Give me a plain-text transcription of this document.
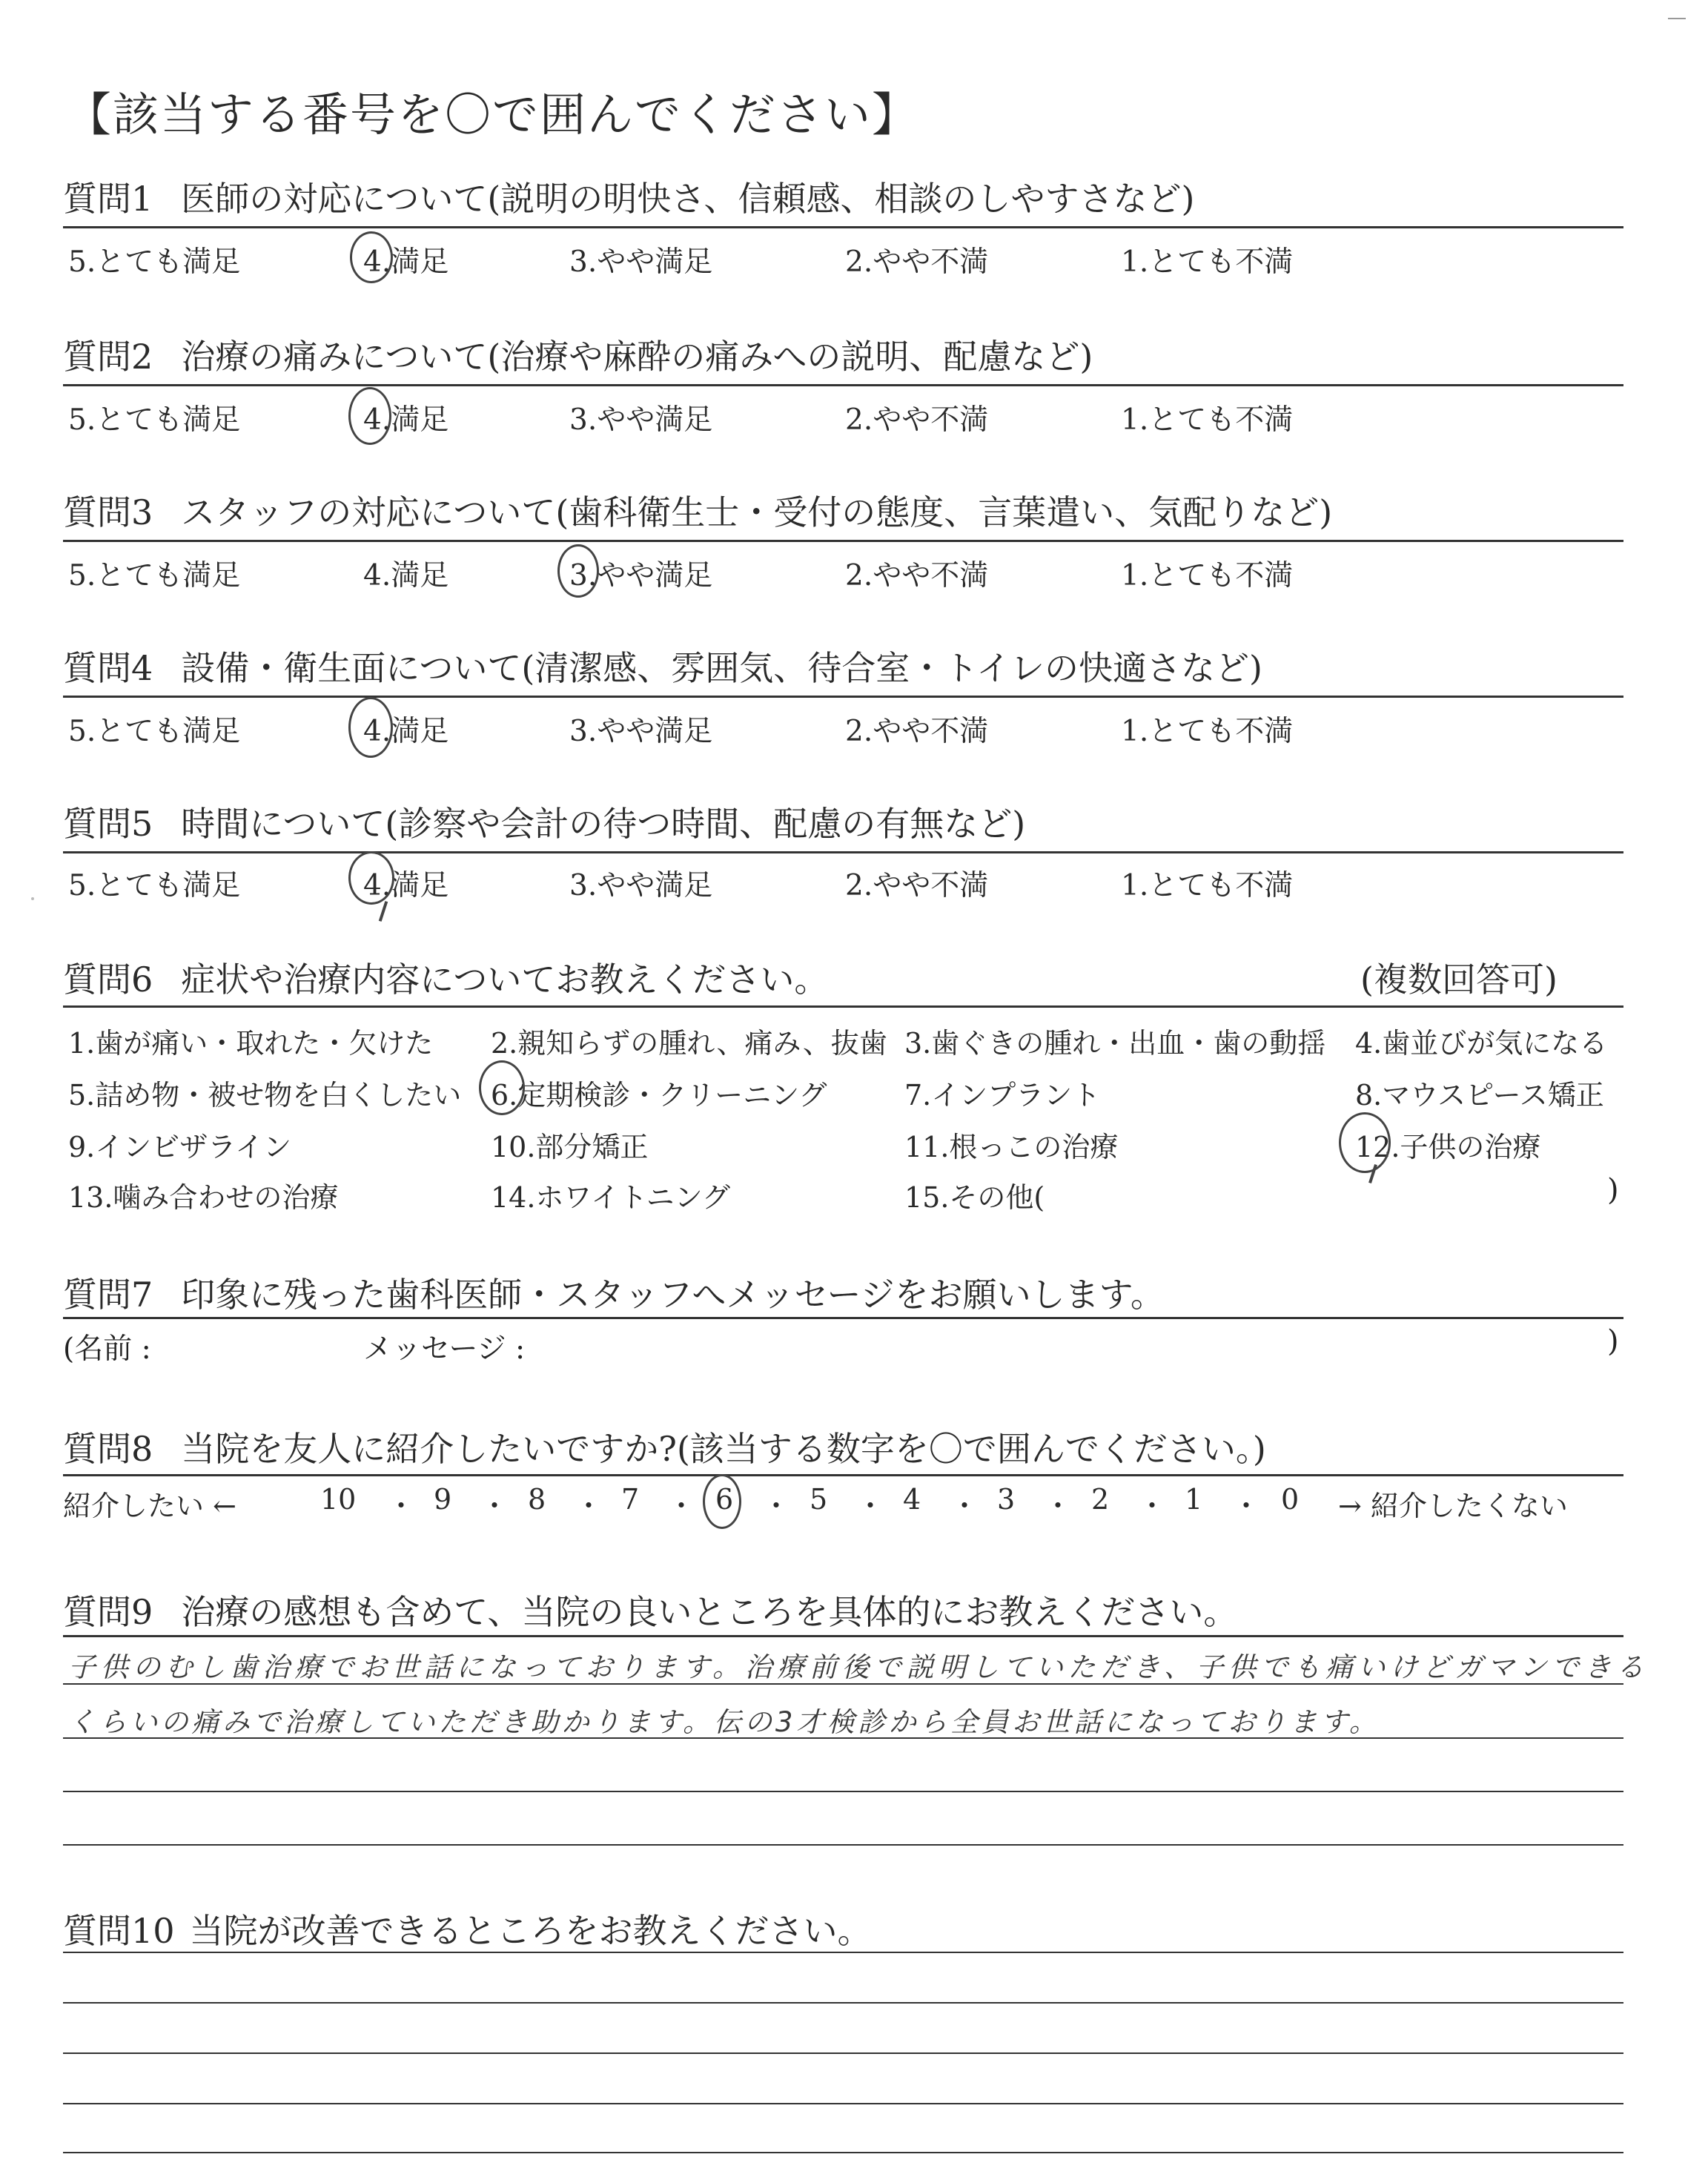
【該当する番号を〇で囲んでください】
質問1 医師の対応について(説明の明快さ、信頼感、相談のしやすさなど)
5.とても満足	4.満足	3.やや満足	2.やや不満	1.とても不満
質問2 治療の痛みについて(治療や麻酔の痛みへの説明、配慮など)
5.とても満足	4.満足	3.やや満足	2.やや不満	1.とても不満
質問3 スタッフの対応について(歯科衛生士・受付の態度、言葉遣い、気配りなど)
5.とても満足	4.満足	3.やや満足	2.やや不満	1.とても不満
質問4 設備・衛生面について(清潔感、雰囲気、待合室・トイレの快適さなど)
5.とても満足	4.満足	3.やや満足	2.やや不満	1.とても不満
質問5 時間について(診察や会計の待つ時間、配慮の有無など)
5.とても満足	4.満足	3.やや満足	2.やや不満	1.とても不満
質問6 症状や治療内容についてお教えください。	(複数回答可)
1.歯が痛い・取れた・欠けた 2.親知らずの腫れ、痛み、抜歯 3.歯ぐきの腫れ・出血・歯の動揺 4.歯並びが気になる
5.詰め物・被せ物を白くしたい 6.定期検診・クリーニング	7.インプラント	8.マウスピース矯正
9.インビザライン	10.部分矯正	11.根っこの治療	12.子供の治療
13.噛み合わせの治療	14.ホワイトニング	15.その他(	)
質問7 印象に残った歯科医師・スタッフへメッセージをお願いします。
(名前 :	メッセージ :	)
質問8 当院を友人に紹介したいですか?(該当する数字を〇で囲んでください。)
紹介したい ←	10 ・ 9 ・ 8 ・ 7 ・ 6 ・ 5 ・ 4 ・ 3 ・ 2 ・ 1 ・ 0 → 紹介したくない
質問9 治療の感想も含めて、当院の良いところを具体的にお教えください。
子供のむし歯治療でお世話になっております。治療前後で説明していただき、子供でも痛いけどガマンできる
くらいの痛みで治療していただき助かります。伝の3才検診から全員お世話になっております。
質問10 当院が改善できるところをお教えください。
